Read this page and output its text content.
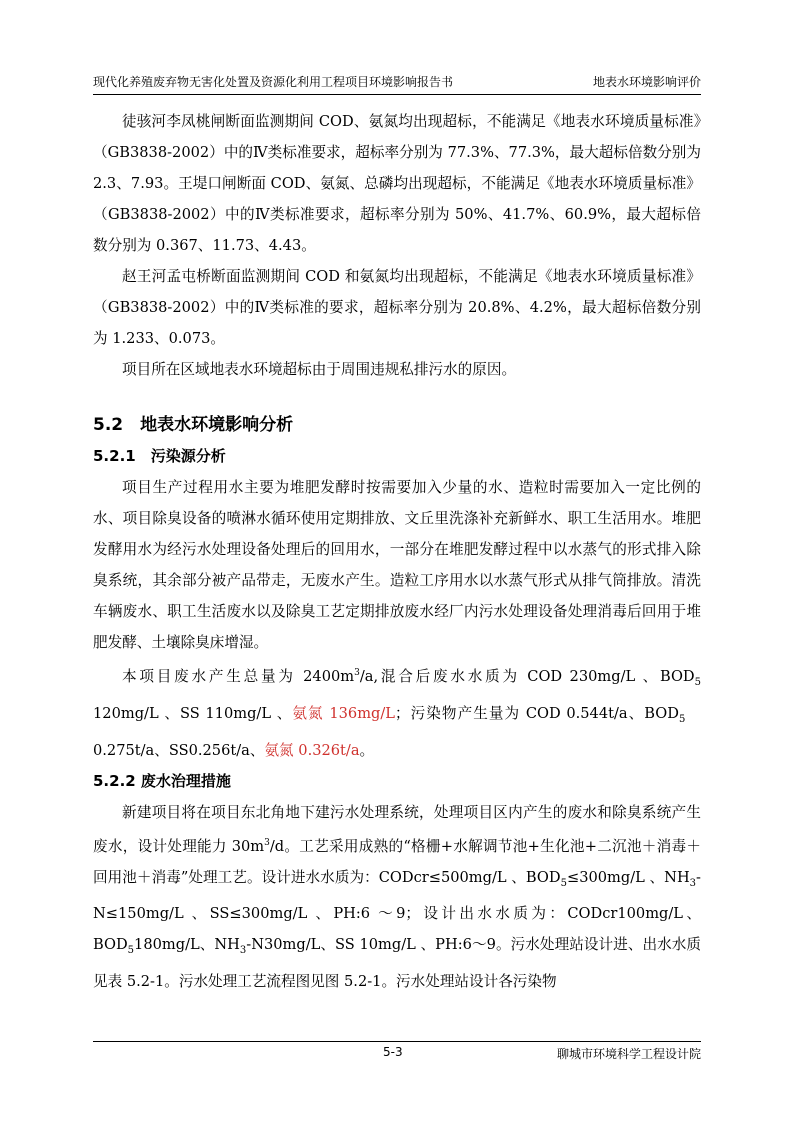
现代化养殖废弃物无害化处置及资源化利用工程项目环境影响报告书	地表水环境影响评价

徒骇河李凤桃闸断面监测期间 COD、氨氮均出现超标，不能满足《地表水环境质量标准》（GB3838-2002）中的Ⅳ类标准要求，超标率分别为 77.3%、77.3%，最大超标倍数分别为 2.3、7.93。王堤口闸断面 COD、氨氮、总磷均出现超标，不能满足《地表水环境质量标准》（GB3838-2002）中的Ⅳ类标准要求，超标率分别为 50%、41.7%、60.9%，最大超标倍数分别为 0.367、11.73、4.43。

赵王河孟屯桥断面监测期间 COD 和氨氮均出现超标，不能满足《地表水环境质量标准》（GB3838-2002）中的Ⅳ类标准的要求，超标率分别为 20.8%、4.2%，最大超标倍数分别为 1.233、0.073。

项目所在区域地表水环境超标由于周围违规私排污水的原因。

5.2　地表水环境影响分析
5.2.1　污染源分析

项目生产过程用水主要为堆肥发酵时按需要加入少量的水、造粒时需要加入一定比例的水、项目除臭设备的喷淋水循环使用定期排放、文丘里洗涤补充新鲜水、职工生活用水。堆肥发酵用水为经污水处理设备处理后的回用水，一部分在堆肥发酵过程中以水蒸气的形式排入除臭系统，其余部分被产品带走，无废水产生。造粒工序用水以水蒸气形式从排气筒排放。清洗车辆废水、职工生活废水以及除臭工艺定期排放废水经厂内污水处理设备处理消毒后回用于堆肥发酵、土壤除臭床增湿。

本项目废水产生总量为 $2400m^3/a$,混合后废水水质为 COD 230mg/L 、$BOD_5$ 120mg/L 、SS 110mg/L 、氨氮 136mg/L；污染物产生量为 COD 0.544t/a、$BOD_5$　0.275t/a、SS0.256t/a、氨氮 0.326t/a。

5.2.2 废水治理措施

新建项目将在项目东北角地下建污水处理系统，处理项目区内产生的废水和除臭系统产生废水，设计处理能力 $30m^3/d$。工艺采用成熟的“格栅+水解调节池+生化池+二沉池＋消毒＋回用池＋消毒”处理工艺。设计进水水质为：CODcr≤500mg/L 、$BOD_5\le 300mg/L$ 、$NH_3-N\le 150mg/L$ 、SS≤300mg/L 、PH:6 ～9；设计出水水质为：CODcr100mg/L、$BOD_5180mg/L$、$NH_3-N30mg/L$、SS 10mg/L 、PH:6～9。污水处理站设计进、出水水质见表 5.2-1。污水处理工艺流程图见图 5.2-1。污水处理站设计各污染物

5-3	聊城市环境科学工程设计院
